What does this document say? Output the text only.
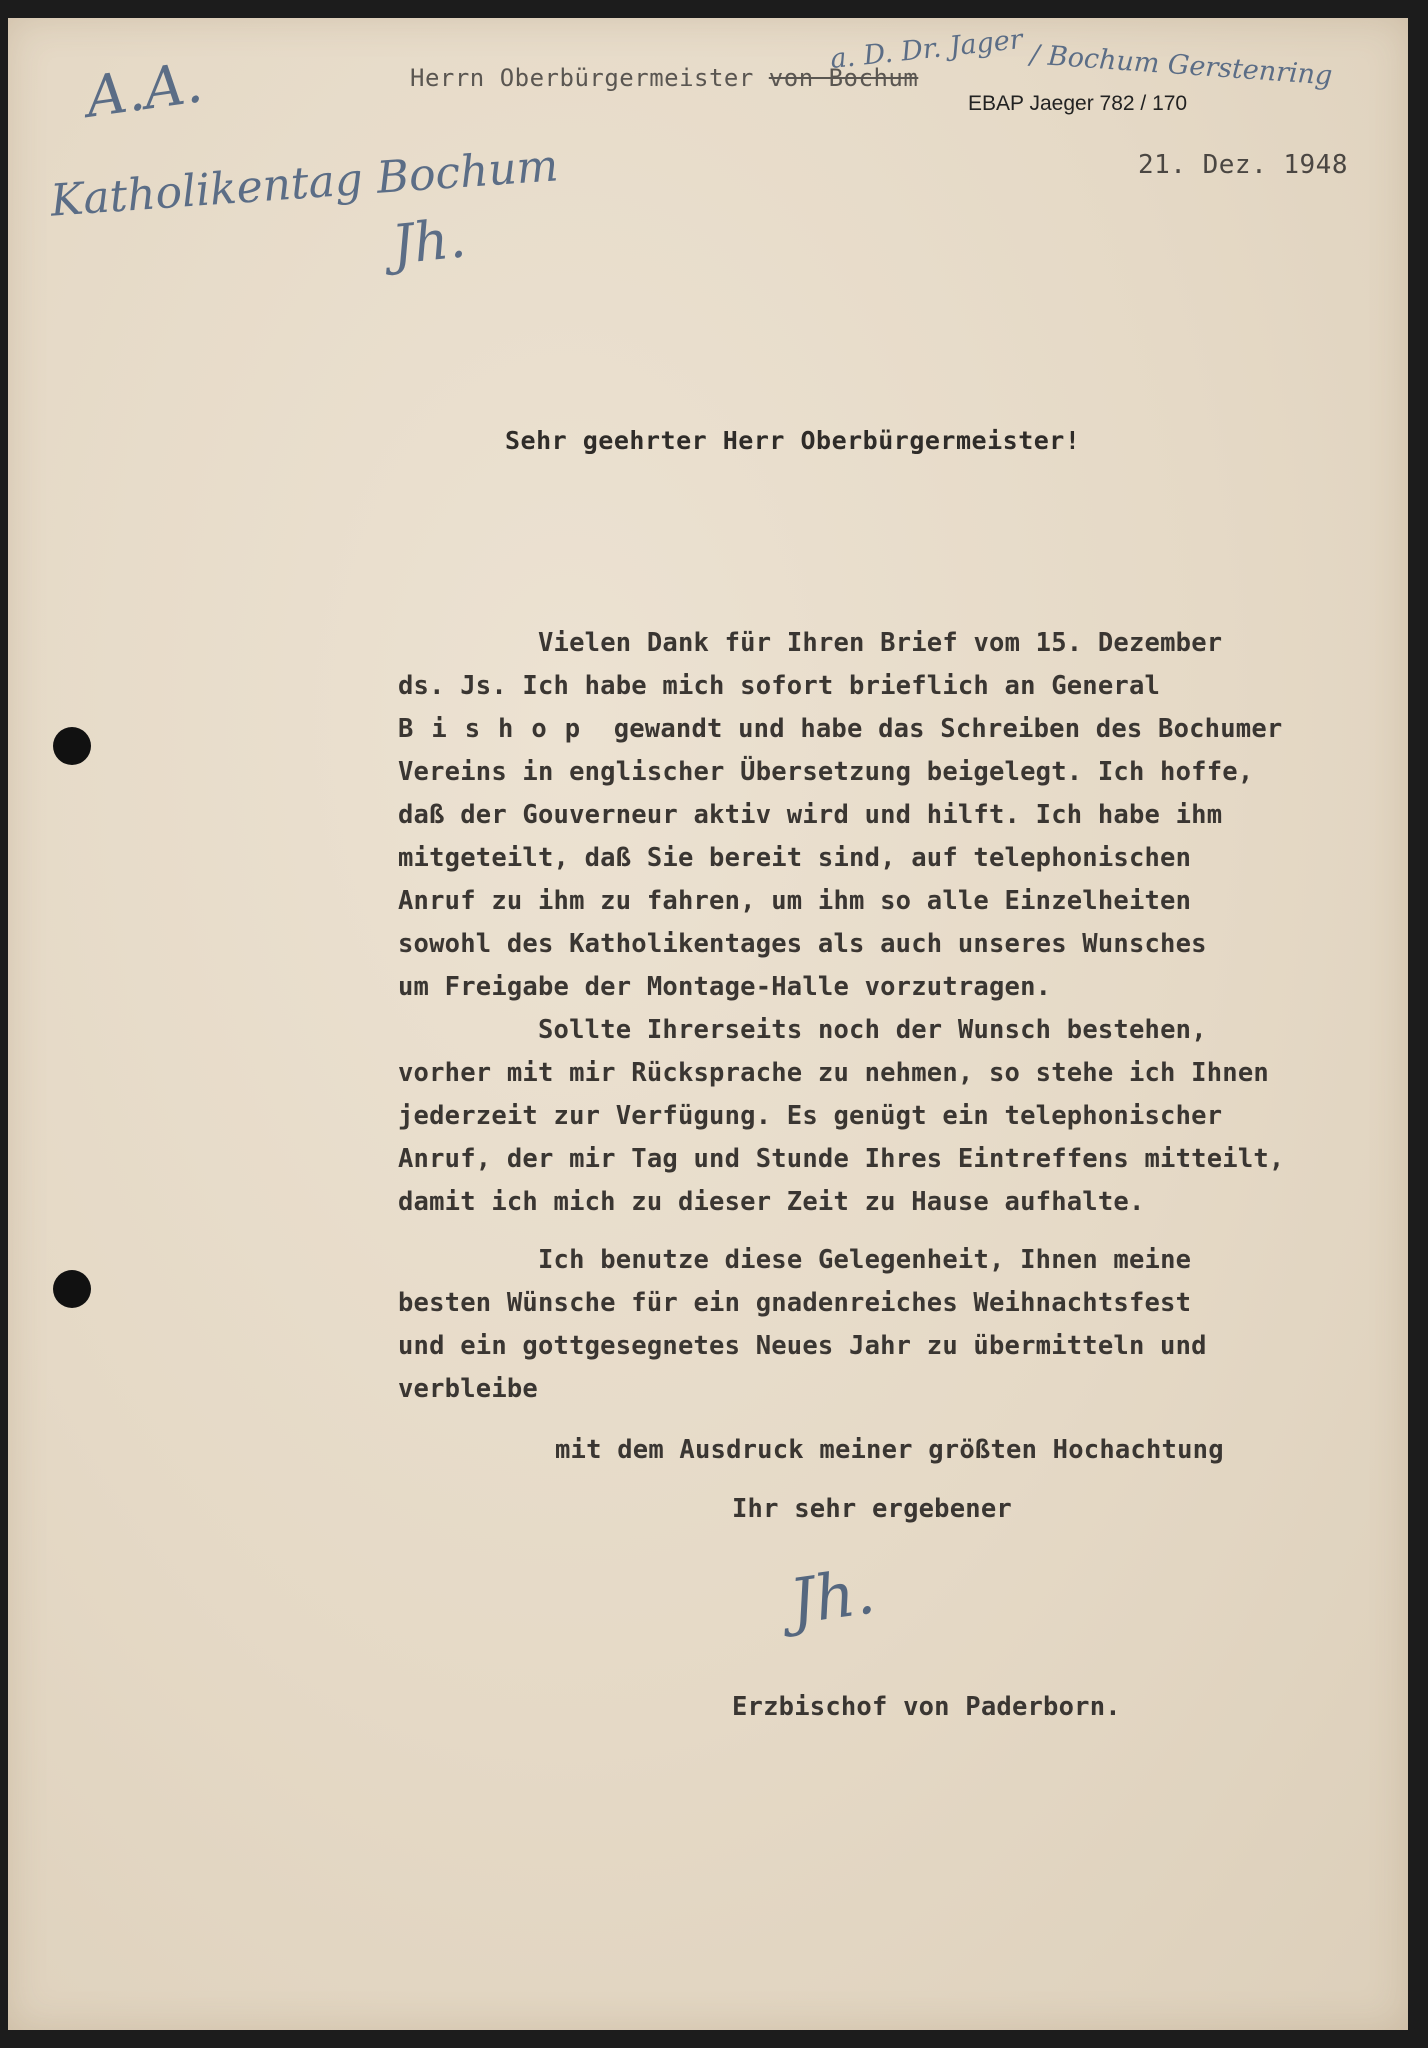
Herrn Oberbürgermeister von Bochum
a. D. Dr. Jager / Bochum Gerstenring
EBAP Jaeger 782 / 170
21. Dez. 1948
A.A.
Katholikentag Bochum
Jh.
Sehr geehrter Herr Oberbürgermeister!
Vielen Dank für Ihren Brief vom 15. Dezember
ds. Js. Ich habe mich sofort brieflich an General
Bishop gewandt und habe das Schreiben des Bochumer
Vereins in englischer Übersetzung beigelegt. Ich hoffe,
daß der Gouverneur aktiv wird und hilft. Ich habe ihm
mitgeteilt, daß Sie bereit sind, auf telephonischen
Anruf zu ihm zu fahren, um ihm so alle Einzelheiten
sowohl des Katholikentages als auch unseres Wunsches
um Freigabe der Montage-Halle vorzutragen.
Sollte Ihrerseits noch der Wunsch bestehen,
vorher mit mir Rücksprache zu nehmen, so stehe ich Ihnen
jederzeit zur Verfügung. Es genügt ein telephonischer
Anruf, der mir Tag und Stunde Ihres Eintreffens mitteilt,
damit ich mich zu dieser Zeit zu Hause aufhalte.
Ich benutze diese Gelegenheit, Ihnen meine
besten Wünsche für ein gnadenreiches Weihnachtsfest
und ein gottgesegnetes Neues Jahr zu übermitteln und
verbleibe
mit dem Ausdruck meiner größten Hochachtung
Ihr sehr ergebener
Jh.
Erzbischof von Paderborn.
